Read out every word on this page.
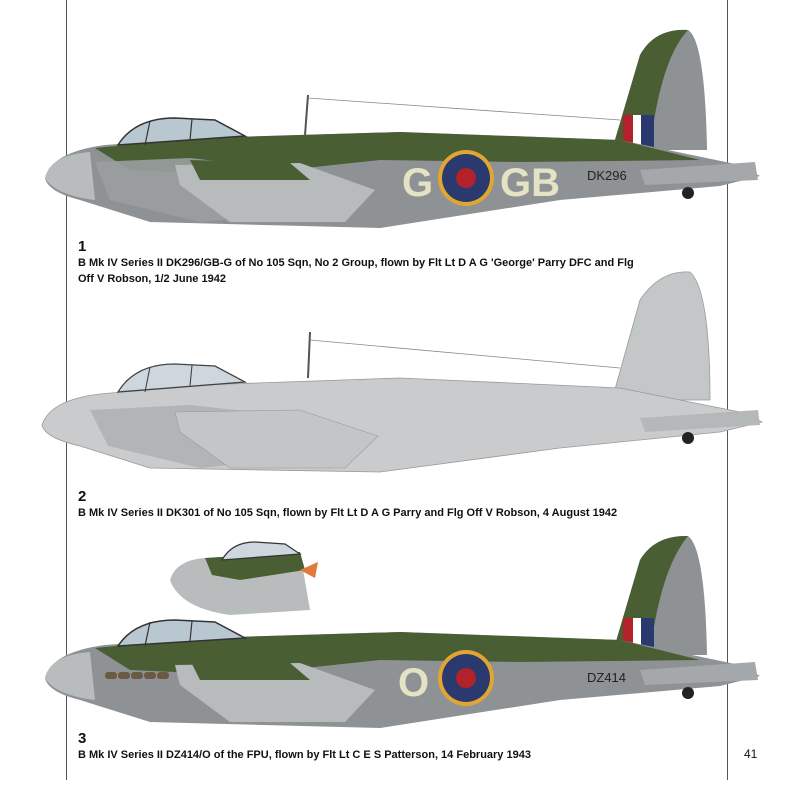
G GB DK296
1
B Mk IV Series II DK296/GB-G of No 105 Sqn, No 2 Group, flown by Flt Lt D A G 'George' Parry DFC and Flg Off V Robson, 1/2 June 1942
2
B Mk IV Series II DK301 of No 105 Sqn, flown by Flt Lt D A G Parry and Flg Off V Robson, 4 August 1942
O	DZ414
3
B Mk IV Series II DZ414/O of the FPU, flown by Flt Lt C E S Patterson, 14 February 1943	41
